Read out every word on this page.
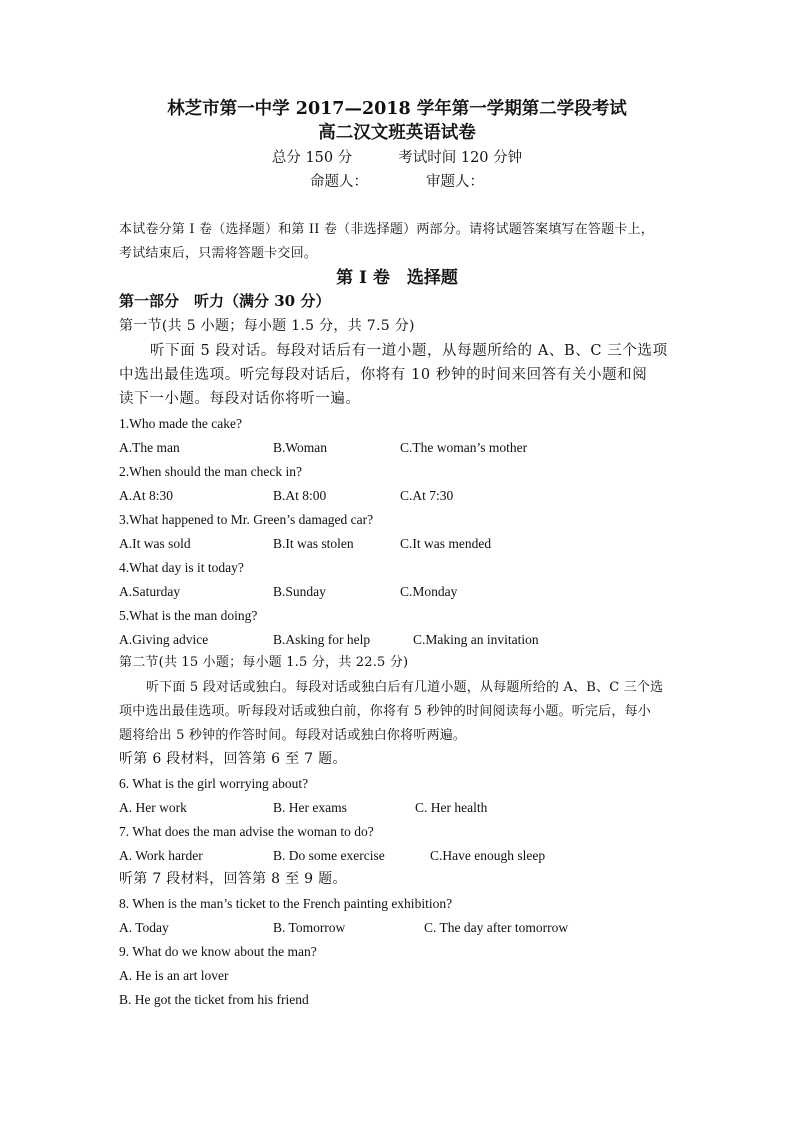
林芝市第一中学 2017—2018 学年第一学期第二学段考试
高二汉文班英语试卷
总分 150 分	考试时间 120 分钟
命题人：	审题人：
本试卷分第 I 卷（选择题）和第 II 卷（非选择题）两部分。请将试题答案填写在答题卡上，
考试结束后，只需将答题卡交回。
第 I 卷　选择题
第一部分　听力（满分 30 分）
第一节(共 5 小题；每小题 1.5 分，共 7.5 分)
听下面 5 段对话。每段对话后有一道小题，从每题所给的 A、B、C 三个选项
中选出最佳选项。听完每段对话后，你将有 10 秒钟的时间来回答有关小题和阅
读下一小题。每段对话你将听一遍。
1.Who made the cake?
A.The man	B.Woman	C.The woman’s mother
2.When should the man check in?
A.At 8:30	B.At 8:00	C.At 7:30
3.What happened to Mr. Green’s damaged car?
A.It was sold	B.It was stolen	C.It was mended
4.What day is it today?
A.Saturday	B.Sunday	C.Monday
5.What is the man doing?
A.Giving advice	B.Asking for help	C.Making an invitation
第二节(共 15 小题；每小题 1.5 分，共 22.5 分)
听下面 5 段对话或独白。每段对话或独白后有几道小题，从每题所给的 A、B、C 三个选
项中选出最佳选项。听每段对话或独白前，你将有 5 秒钟的时间阅读每小题。听完后，每小
题将给出 5 秒钟的作答时间。每段对话或独白你将听两遍。
听第 6 段材料，回答第 6 至 7 题。
6. What is the girl worrying about?
A. Her work	B. Her exams	C. Her health
7. What does the man advise the woman to do?
A. Work harder	B. Do some exercise	C.Have enough sleep
听第 7 段材料，回答第 8 至 9 题。
8. When is the man’s ticket to the French painting exhibition?
A. Today	B. Tomorrow	C. The day after tomorrow
9. What do we know about the man?
A. He is an art lover
B. He got the ticket from his friend
